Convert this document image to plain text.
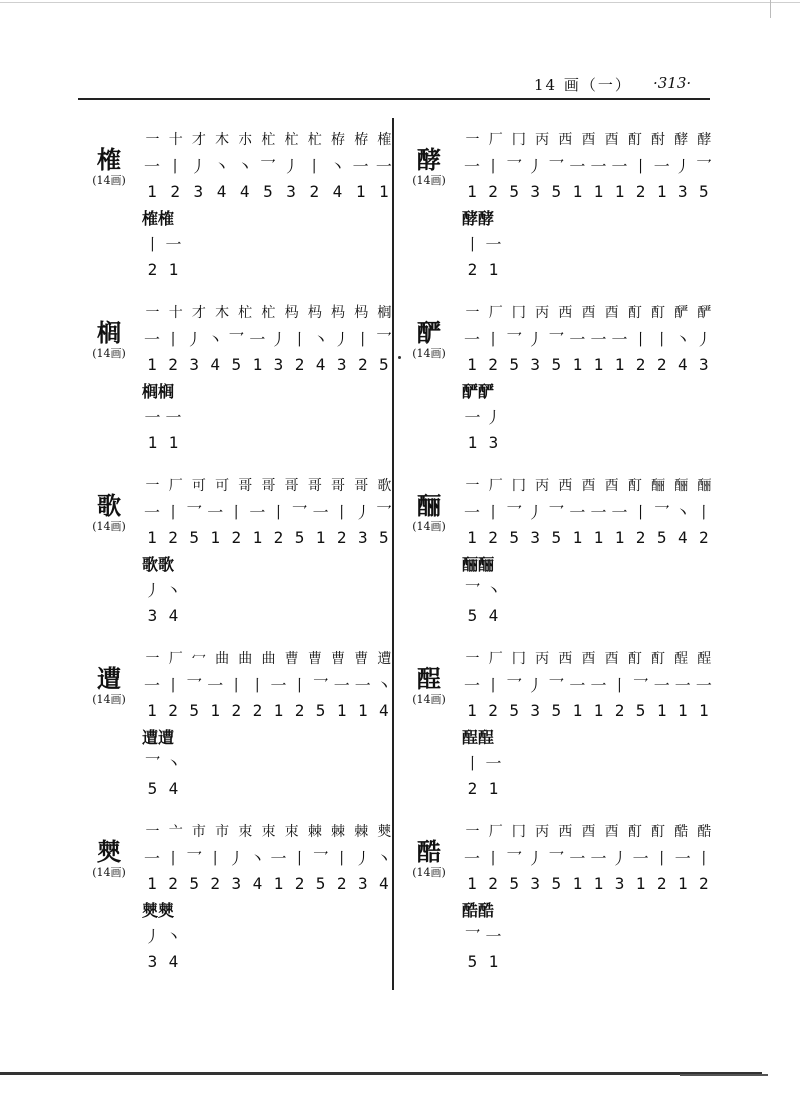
14 画（一） ·313·
榷
(14画)
一 十 才 木 朩 杧 杧 杧 栫 栫 榷
一 丨 丿 丶 丶 乛 丿 丨 丶 一 一
1 2 3 4 4 5 3 2 4 1 1
榷榷
丨 一
2 1
榈
(14画)
一 十 才 木 杧 杧 杩 杩 杩 杩 榈
一 丨 丿 丶 乛 一 丿 丨 丶 丿 丨 乛
1 2 3 4 5 1 3 2 4 3 2 5
榈榈
一 一
1 1
歌
(14画)
一 厂 可 可 哥 哥 哥 哥 哥 哥 歌
一 丨 乛 一 丨 一 丨 乛 一 丨 丿 乛
1 2 5 1 2 1 2 5 1 2 3 5
歌歌
丿 丶
3 4
遭
(14画)
一 厂 冖 曲 曲 曲 曹 曹 曹 曹 遭
一 丨 乛 一 丨 丨 一 丨 乛 一 一 丶
1 2 5 1 2 2 1 2 5 1 1 4
遭遭
乛 丶
5 4
僰
(14画)
一 亠 市 市 朿 朿 朿 棘 棘 棘 僰
一 丨 乛 丨 丿 丶 一 丨 乛 丨 丿 丶
1 2 5 2 3 4 1 2 5 2 3 4
僰僰
丿 丶
3 4
酵
(14画)
一 厂 冂 丙 西 酉 酉 酊 酎 酵 酵
一 丨 乛 丿 乛 一 一 一 丨 一 丿 乛
1 2 5 3 5 1 1 1 2 1 3 5
酵酵
丨 一
2 1
酽
(14画)
一 厂 冂 丙 西 酉 酉 酊 酊 酽 酽
一 丨 乛 丿 乛 一 一 一 丨 丨 丶 丿
1 2 5 3 5 1 1 1 2 2 4 3
酽酽
一 丿
1 3
酾
(14画)
一 厂 冂 丙 西 酉 酉 酊 酾 酾 酾
一 丨 乛 丿 乛 一 一 一 丨 乛 丶 丨
1 2 5 3 5 1 1 1 2 5 4 2
酾酾
乛 丶
5 4
酲
(14画)
一 厂 冂 丙 西 酉 酉 酊 酊 酲 酲
一 丨 乛 丿 乛 一 一 丨 乛 一 一 一
1 2 5 3 5 1 1 2 5 1 1 1
酲酲
丨 一
2 1
酷
(14画)
一 厂 冂 丙 西 酉 酉 酊 酊 酷 酷
一 丨 乛 丿 乛 一 一 丿 一 丨 一 丨
1 2 5 3 5 1 1 3 1 2 1 2
酷酷
乛 一
5 1
